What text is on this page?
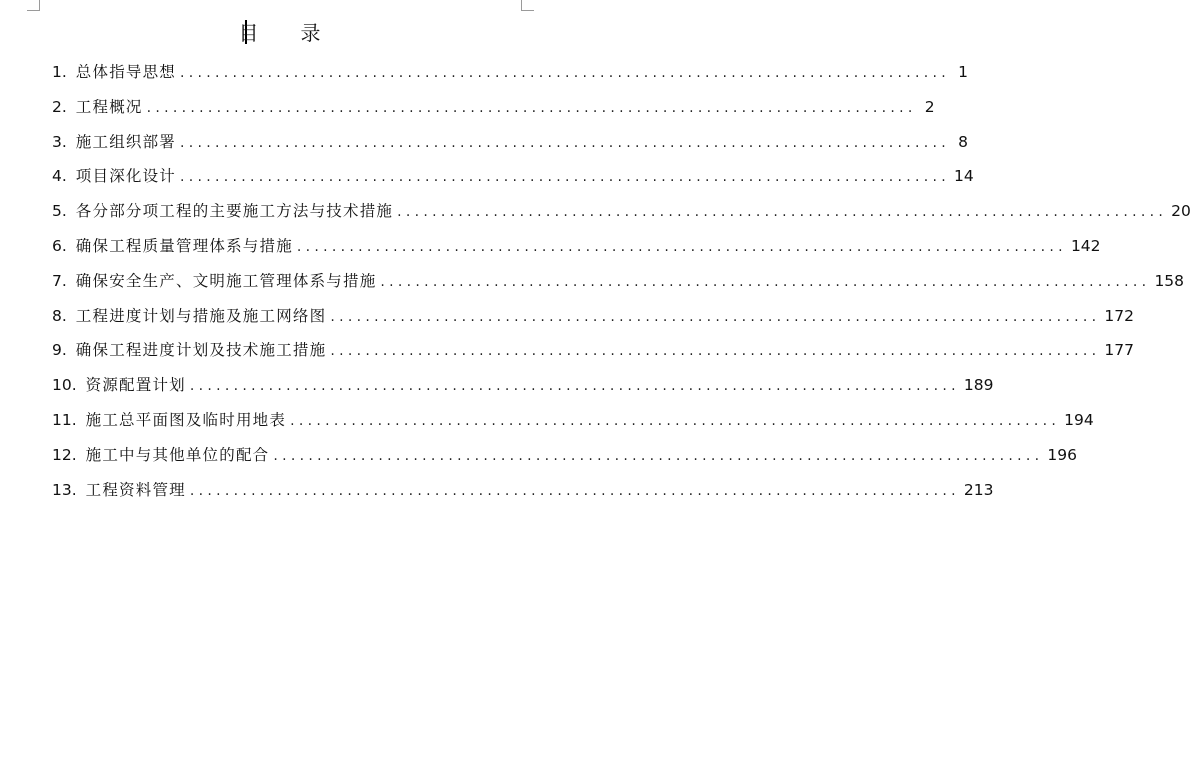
目 录
1. 总体指导思想 ........................................................................................ 1
2. 工程概况 ........................................................................................ 2
3. 施工组织部署 ........................................................................................ 8
4. 项目深化设计 ........................................................................................ 14
5. 各分部分项工程的主要施工方法与技术措施 ........................................................................................ 20
6. 确保工程质量管理体系与措施 ........................................................................................ 142
7. 确保安全生产、文明施工管理体系与措施 ........................................................................................ 158
8. 工程进度计划与措施及施工网络图 ........................................................................................ 172
9. 确保工程进度计划及技术施工措施 ........................................................................................ 177
10. 资源配置计划 ........................................................................................ 189
11. 施工总平面图及临时用地表 ........................................................................................ 194
12. 施工中与其他单位的配合 ........................................................................................ 196
13. 工程资料管理 ........................................................................................ 213
